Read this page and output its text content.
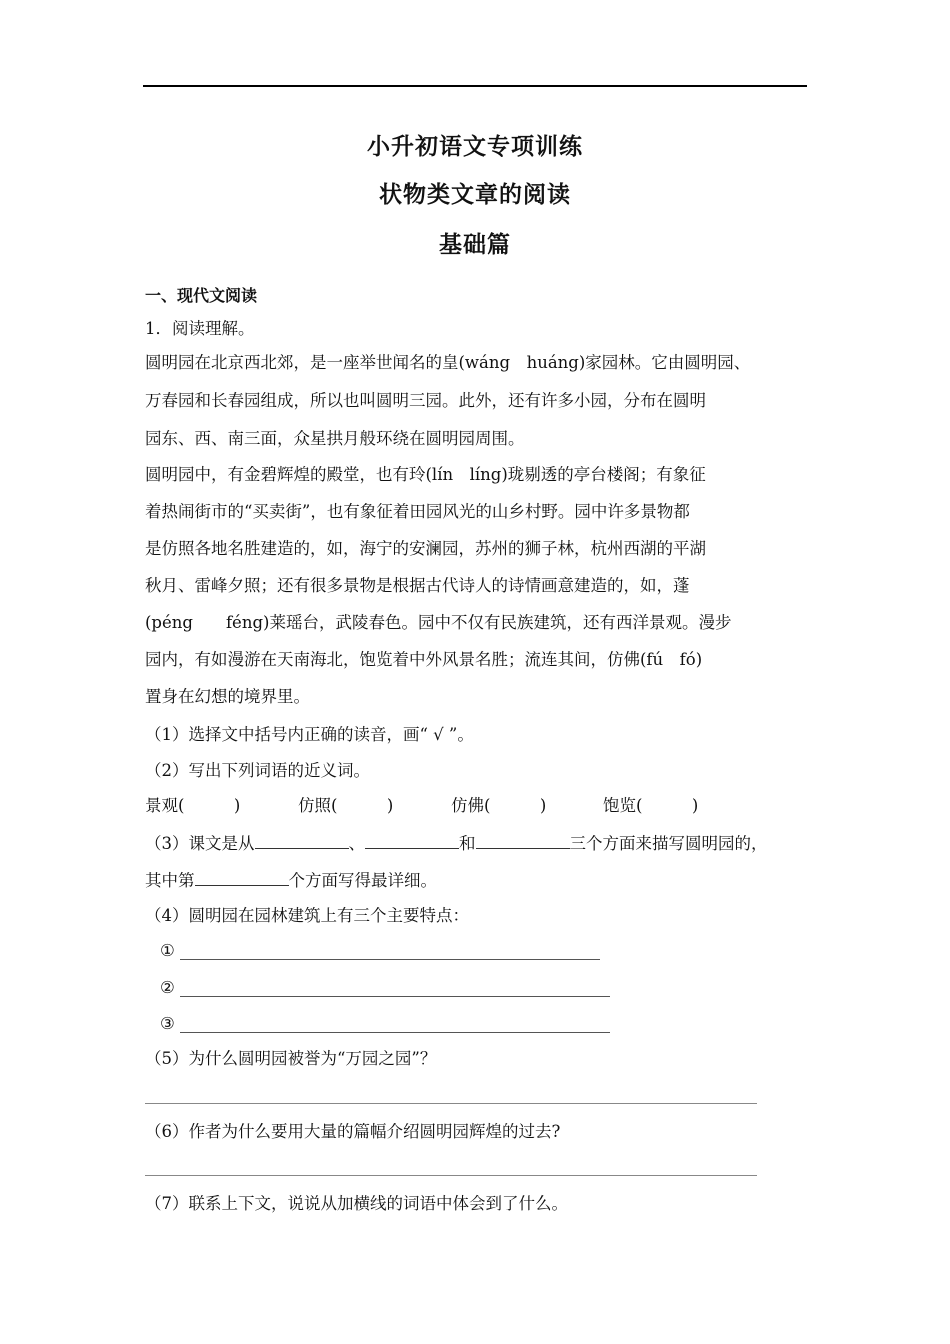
小升初语文专项训练
状物类文章的阅读
基础篇
一、现代文阅读
1．阅读理解。
圆明园在北京西北郊，是一座举世闻名的皇(wáng　huáng)家园林。它由圆明园、
万春园和长春园组成，所以也叫圆明三园。此外，还有许多小园，分布在圆明
园东、西、南三面，众星拱月般环绕在圆明园周围。
圆明园中，有金碧辉煌的殿堂，也有玲(lín　líng)珑剔透的亭台楼阁；有象征
着热闹街市的“买卖街”，也有象征着田园风光的山乡村野。园中许多景物都
是仿照各地名胜建造的，如，海宁的安澜园，苏州的狮子林，杭州西湖的平湖
秋月、雷峰夕照；还有很多景物是根据古代诗人的诗情画意建造的，如，蓬
(péng　　féng)莱瑶台，武陵春色。园中不仅有民族建筑，还有西洋景观。漫步
园内，有如漫游在天南海北，饱览着中外风景名胜；流连其间，仿佛(fú　fó)
置身在幻想的境界里。
（1）选择文中括号内正确的读音，画“ √ ”。
（2）写出下列词语的近义词。
景观(　　　)	仿照(　　　)	仿佛(　　　)	饱览(　　　)
（3）课文是从	、	和	三个方面来描写圆明园的，
其中第	个方面写得最详细。
（4）圆明园在园林建筑上有三个主要特点：
①
②
③
（5）为什么圆明园被誉为“万园之园”？
（6）作者为什么要用大量的篇幅介绍圆明园辉煌的过去?
（7）联系上下文，说说从加横线的词语中体会到了什么。
